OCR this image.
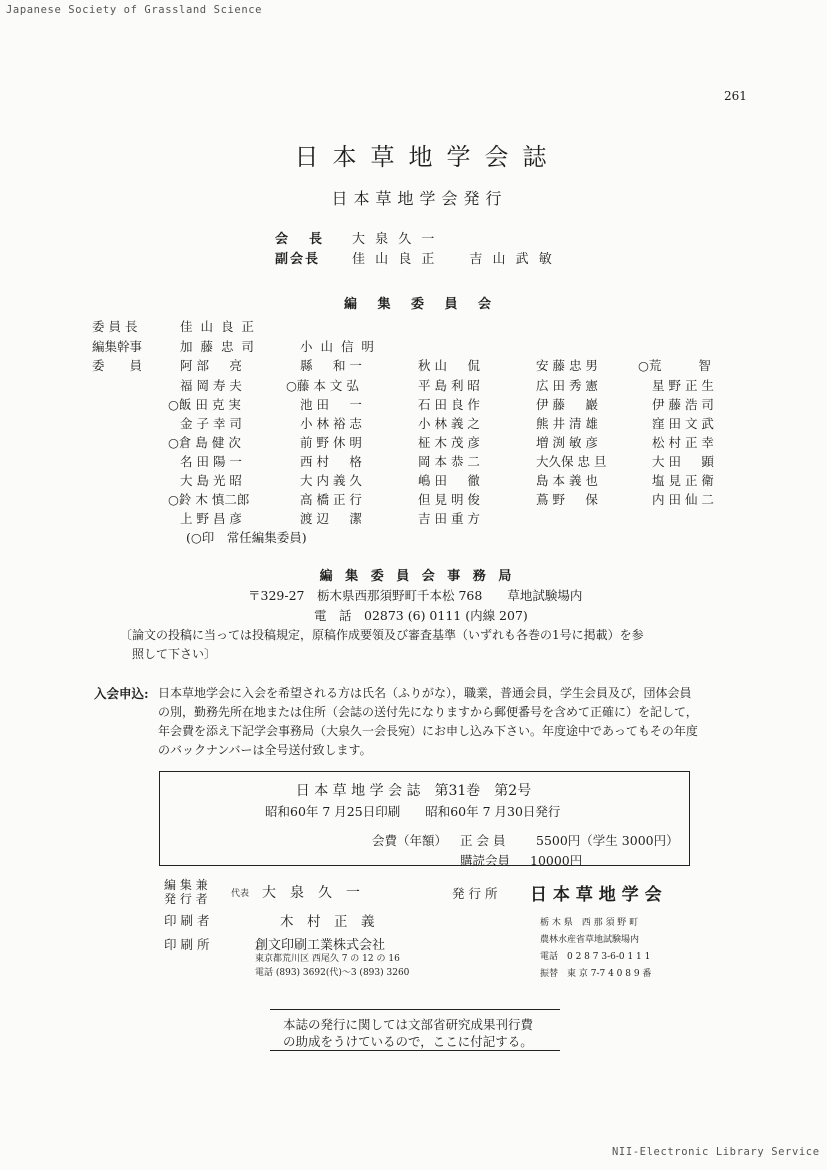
Japanese Society of Grassland Science
261
日本草地学会誌
日本草地学会発行
会　長 大 泉 久 一
副会長 佳 山 良 正　　吉 山 武 敏
編 集 委 員 会
委 員 長	佳 山 良 正
編集幹事	加 藤 忠 司	小 山 信 明
委　　員	阿 部 　 亮	縣 　 和 一	秋 山 　 侃	安 藤 忠 男	○荒 　 　 智
福 岡 寿 夫	○藤 本 文 弘	平 島 利 昭	広 田 秀 憲	星 野 正 生
○飯 田 克 実	池 田 　 一	石 田 良 作	伊 藤 　 巖	伊 藤 浩 司
金 子 幸 司	小 林 裕 志	小 林 義 之	熊 井 清 雄	窪 田 文 武
○倉 島 健 次	前 野 休 明	柾 木 茂 彦	増 渕 敏 彦	松 村 正 幸
名 田 陽 一	西 村 　 格	岡 本 恭 二	大久保 忠 旦	大 田 　 顕
大 島 光 昭	大 内 義 久	嶋 田 　 徹	島 本 義 也	塩 見 正 衛
○鈴 木 慎二郎	高 橋 正 行	但 見 明 俊	蔦 野 　 保	内 田 仙 二
上 野 昌 彦	渡 辺 　 潔	吉 田 重 方
(○印　常任編集委員)
編 集 委 員 会 事 務 局
〒329-27　栃木県西那須野町千本松 768　　草地試験場内
電　話　02873 (6) 0111 (内線 207)
〔論文の投稿に当っては投稿規定，原稿作成要領及び審査基準（いずれも各巻の1号に掲載）を参
照して下さい〕
入会申込: 日本草地学会に入会を希望される方は氏名（ふりがな），職業，普通会員，学生会員及び，団体会員
の別，勤務先所在地または住所（会誌の送付先になりますから郵便番号を含めて正確に）を記して，
年会費を添え下記学会事務局（大泉久一会長宛）にお申し込み下さい。年度途中であってもその年度
のバックナンバーは全号送付致します。
日 本 草 地 学 会 誌　第31巻　第2号
昭和60年 7 月25日印刷　　昭和60年 7 月30日発行
会費（年額） 正 会 員 5500円（学生 3000円）
購読会員 10000円
編 集 兼
発 行 者	代表 大　泉　久　一	発 行 所 日 本 草 地 学 会
印 刷 者	木　村　正　義
印 刷 所	創文印刷工業株式会社
東京都荒川区 西尾久 7 の 12 の 16
電話 (893) 3692(代)～3 (893) 3260
栃 木 県　西 那 須 野 町
農林水産省草地試験場内
電話　0 2 8 7 3-6-0 1 1 1
振替　東 京 7-7 4 0 8 9 番
本誌の発行に関しては文部省研究成果刊行費
の助成をうけているので，ここに付記する。
NII-Electronic Library Service
